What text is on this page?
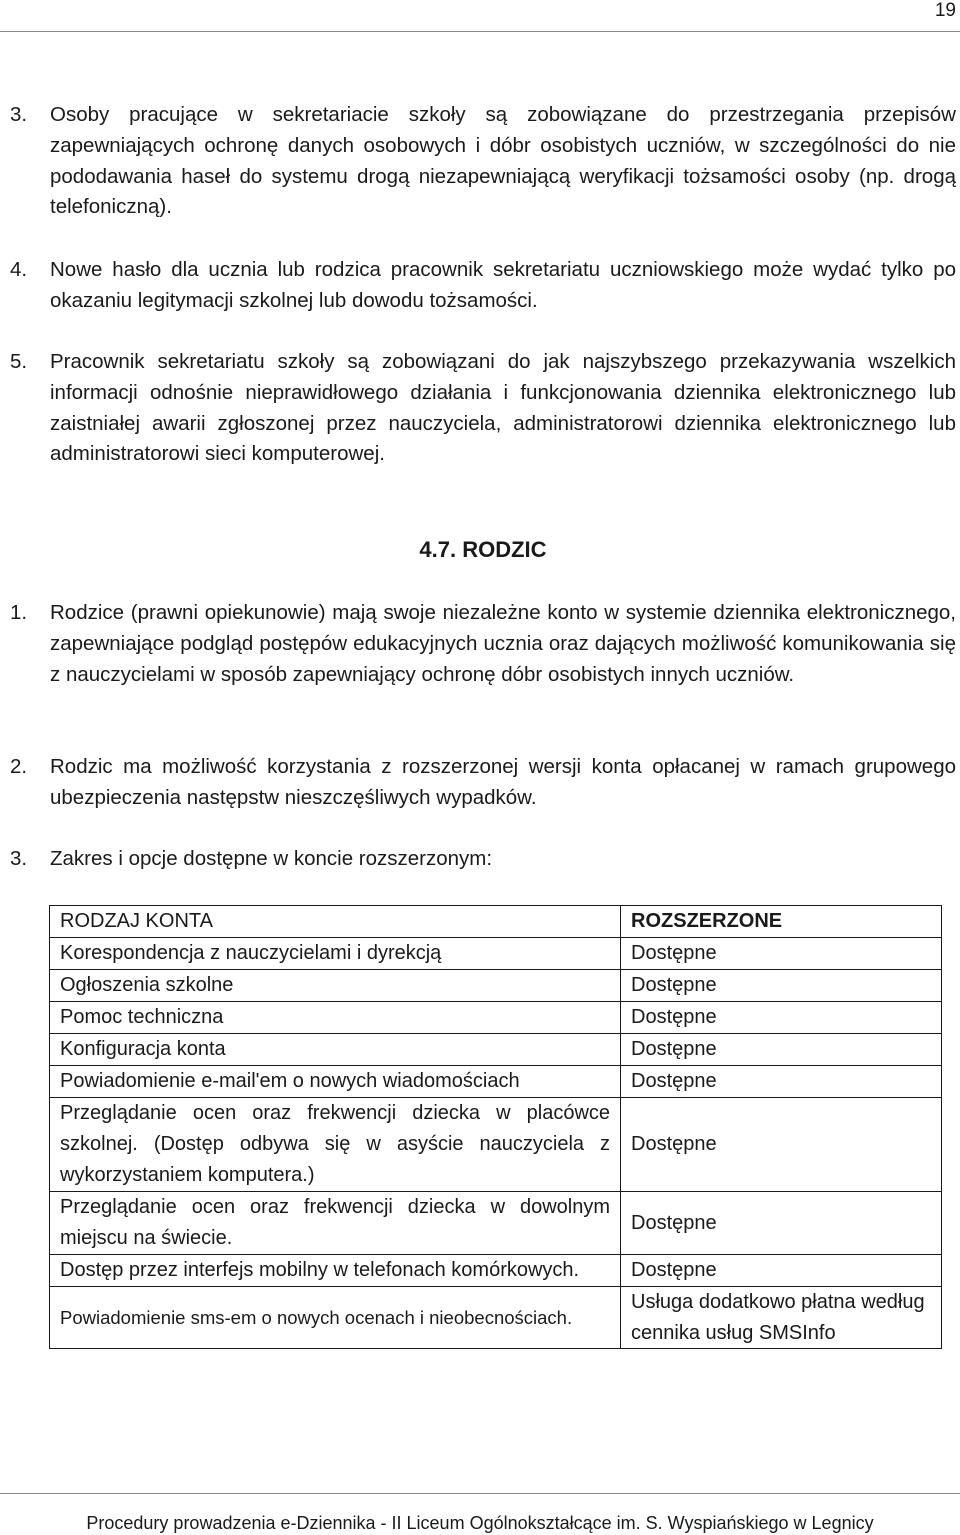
19
3. Osoby pracujące w sekretariacie szkoły są zobowiązane do przestrzegania przepisów zapewniających ochronę danych osobowych i dóbr osobistych uczniów, w szczególności do nie pododawania haseł do systemu drogą niezapewniającą weryfikacji tożsamości osoby (np. drogą telefoniczną).
4. Nowe hasło dla ucznia lub rodzica pracownik sekretariatu uczniowskiego może wydać tylko po okazaniu legitymacji szkolnej lub dowodu tożsamości.
5. Pracownik sekretariatu szkoły są zobowiązani do jak najszybszego przekazywania wszelkich informacji odnośnie nieprawidłowego działania i funkcjonowania dziennika elektronicznego lub zaistniałej awarii zgłoszonej przez nauczyciela, administratorowi dziennika elektronicznego lub administratorowi sieci komputerowej.
4.7. RODZIC
1. Rodzice (prawni opiekunowie) mają swoje niezależne konto w systemie dziennika elektronicznego, zapewniające podgląd postępów edukacyjnych ucznia oraz dających możliwość komunikowania się z nauczycielami w sposób zapewniający ochronę dóbr osobistych innych uczniów.
2. Rodzic ma możliwość korzystania z rozszerzonej wersji konta opłacanej w ramach grupowego ubezpieczenia następstw nieszczęśliwych wypadków.
3. Zakres i opcje dostępne w koncie rozszerzonym:
RODZAJ KONTA	ROZSZERZONE
Korespondencja z nauczycielami i dyrekcją	Dostępne
Ogłoszenia szkolne	Dostępne
Pomoc techniczna	Dostępne
Konfiguracja konta	Dostępne
Powiadomienie e-mail'em o nowych wiadomościach	Dostępne
Przeglądanie ocen oraz frekwencji dziecka w placówce szkolnej. (Dostęp odbywa się w asyście nauczyciela z wykorzystaniem komputera.)	Dostępne
Przeglądanie ocen oraz frekwencji dziecka w dowolnym miejscu na świecie.	Dostępne
Dostęp przez interfejs mobilny w telefonach komórkowych.	Dostępne
Powiadomienie sms-em o nowych ocenach i nieobecnościach.	Usługa dodatkowo płatna według cennika usług SMSInfo
Procedury prowadzenia e-Dziennika - II Liceum Ogólnokształcące im. S. Wyspiańskiego w Legnicy
